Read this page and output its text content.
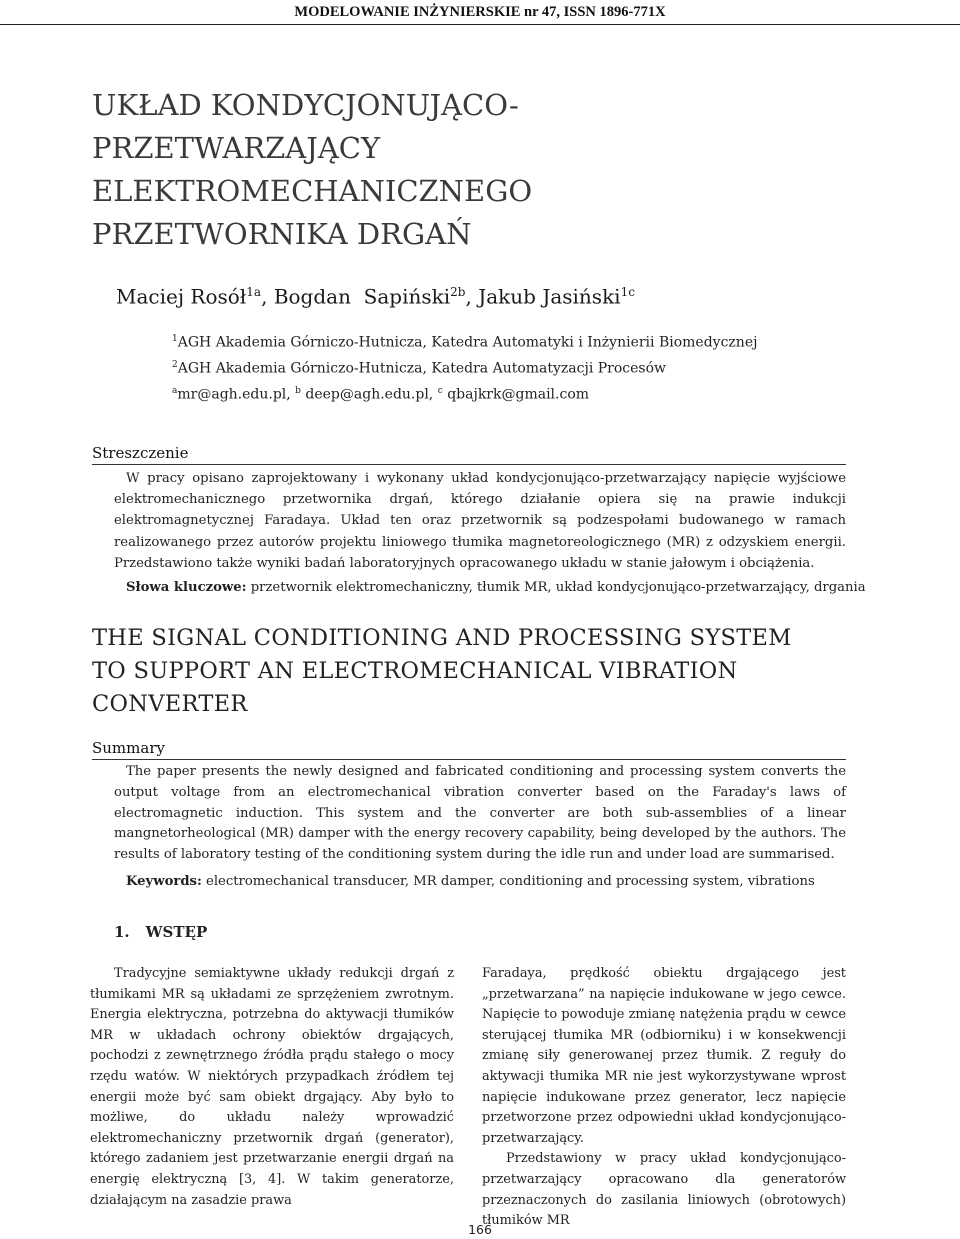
MODELOWANIE INŻYNIERSKIE nr 47, ISSN 1896-771X
UKŁAD KONDYCJONUJĄCO-
PRZETWARZAJĄCY
ELEKTROMECHANICZNEGO
PRZETWORNIKA DRGAŃ
Maciej Rosół$^{1a}$, Bogdan  Sapiński$^{2b}$, Jakub Jasiński$^{1c}$
$^1$AGH Akademia Górniczo-Hutnicza, Katedra Automatyki i Inżynierii Biomedycznej
$^2$AGH Akademia Górniczo-Hutnicza, Katedra Automatyzacji Procesów
$^a$mr@agh.edu.pl, $^b$ deep@agh.edu.pl, $^c$ qbajkrk@gmail.com
Streszczenie

W pracy opisano zaprojektowany i wykonany układ kondycjonująco-przetwarzający napięcie wyjściowe elektromechanicznego przetwornika drgań, którego działanie opiera się na prawie indukcji elektromagnetycznej Faradaya. Układ ten oraz przetwornik są podzespołami budowanego w ramach realizowanego przez autorów projektu liniowego tłumika magnetoreologicznego (MR) z odzyskiem energii. Przedstawiono także wyniki badań laboratoryjnych opracowanego układu w stanie jałowym i obciążenia.

Słowa kluczowe: przetwornik elektromechaniczny, tłumik MR, układ kondycjonująco-przetwarzający, drgania
THE SIGNAL CONDITIONING AND PROCESSING SYSTEM
TO SUPPORT AN ELECTROMECHANICAL VIBRATION
CONVERTER
Summary

The paper presents the newly designed and fabricated conditioning and processing system converts the output voltage from an electromechanical vibration converter based on the Faraday's laws of electromagnetic induction. This system and the converter are both sub-assemblies of a linear mangnetorheological (MR) damper with the energy recovery capability, being developed by the authors. The results of laboratory testing of the conditioning system during the idle run and under load are summarised.

Keywords: electromechanical transducer, MR damper, conditioning and processing system, vibrations
1. WSTĘP

Tradycyjne semiaktywne układy redukcji drgań z tłumikami MR są układami ze sprzężeniem zwrotnym. Energia elektryczna, potrzebna do aktywacji tłumików MR w układach ochrony obiektów drgających, pochodzi z zewnętrznego źródła prądu stałego o mocy rzędu watów. W niektórych przypadkach źródłem tej energii może być sam obiekt drgający. Aby było to możliwe, do układu należy wprowadzić elektromechaniczny przetwornik drgań (generator), którego zadaniem jest przetwarzanie energii drgań na energię elektryczną [3, 4]. W takim generatorze, działającym na zasadzie prawa

Faradaya, prędkość obiektu drgającego jest „przetwarzana” na napięcie indukowane w jego cewce. Napięcie to powoduje zmianę natężenia prądu w cewce sterującej tłumika MR (odbiorniku) i w konsekwencji zmianę siły generowanej przez tłumik. Z reguły do aktywacji tłumika MR nie jest wykorzystywane wprost napięcie indukowane przez generator, lecz napięcie przetworzone przez odpowiedni układ kondycjonująco-przetwarzający.

Przedstawiony w pracy układ kondycjonująco-przetwarzający opracowano dla generatorów przeznaczonych do zasilania liniowych (obrotowych) tłumików MR

166
